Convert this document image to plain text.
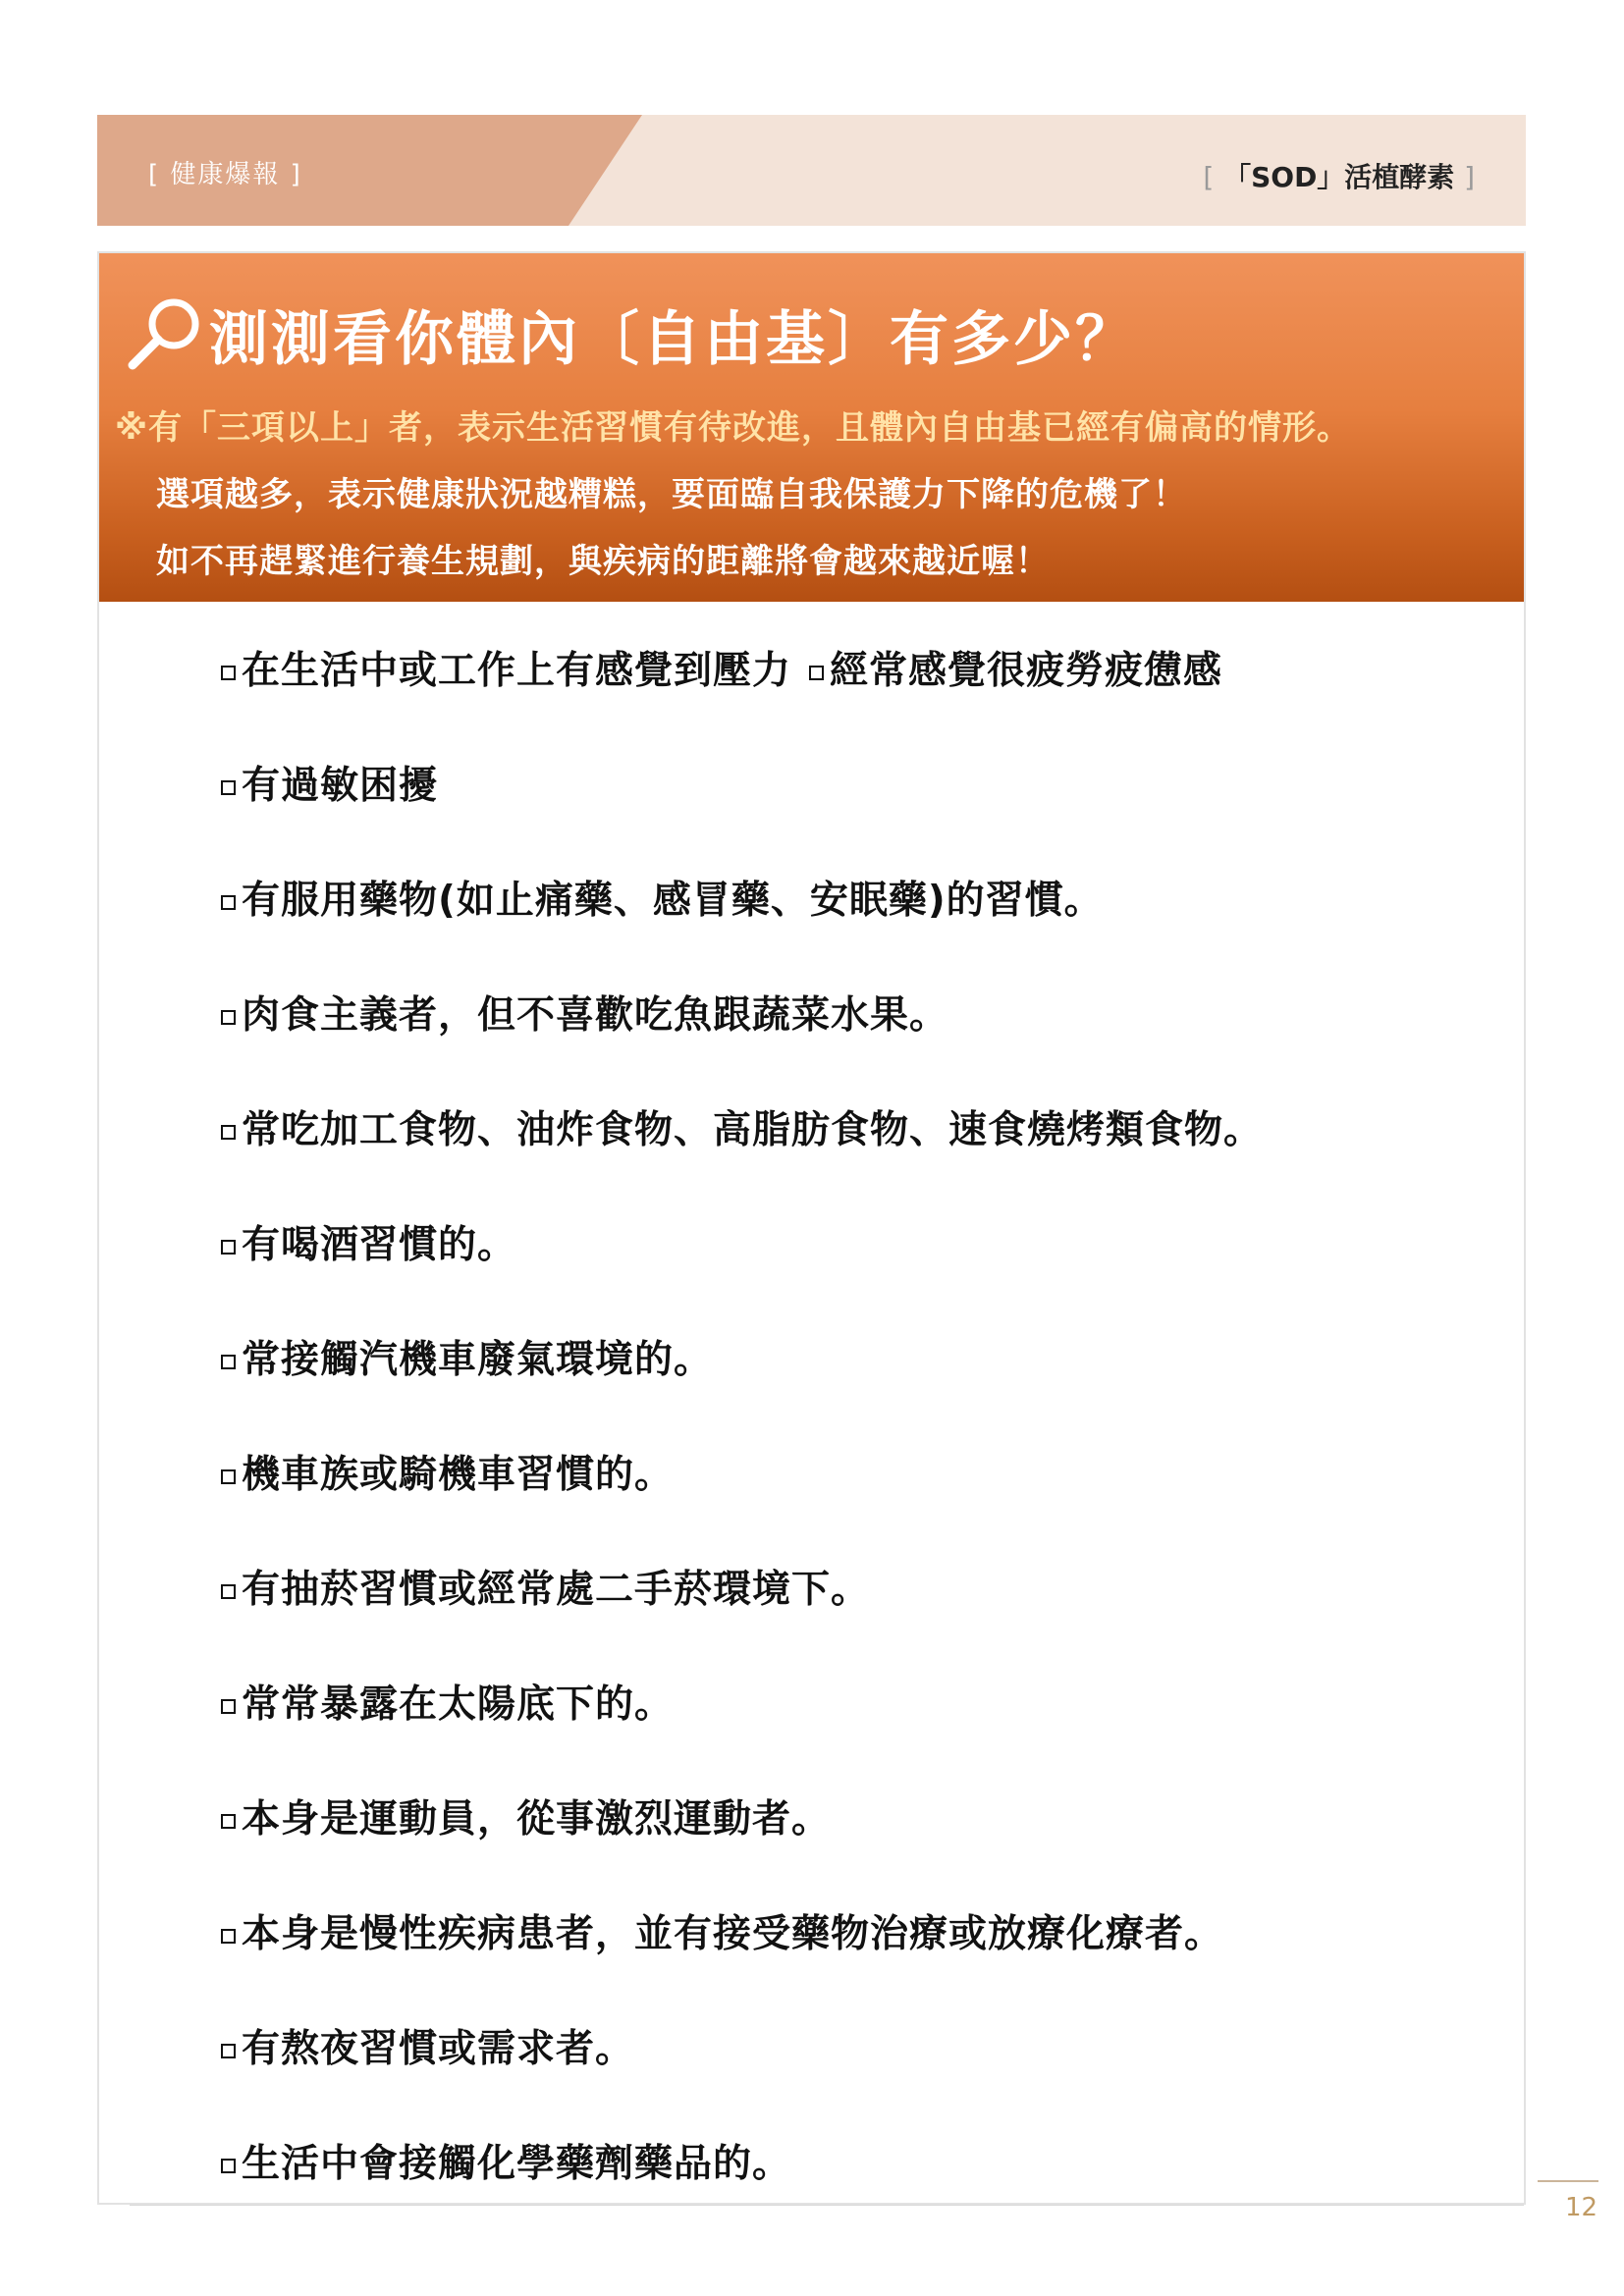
[ 健康爆報 ]	[ 「SOD」活植酵素 ]
測測看你體內〔自由基〕有多少？
※有「三項以上」者，表示生活習慣有待改進，且體內自由基已經有偏高的情形。
選項越多，表示健康狀況越糟糕，要面臨自我保護力下降的危機了！
如不再趕緊進行養生規劃，與疾病的距離將會越來越近喔！
在生活中或工作上有感覺到壓力 經常感覺很疲勞疲憊感
有過敏困擾
有服用藥物(如止痛藥、感冒藥、安眠藥)的習慣。
肉食主義者，但不喜歡吃魚跟蔬菜水果。
常吃加工食物、油炸食物、高脂肪食物、速食燒烤類食物。
有喝酒習慣的。
常接觸汽機車廢氣環境的。
機車族或騎機車習慣的。
有抽菸習慣或經常處二手菸環境下。
常常暴露在太陽底下的。
本身是運動員，從事激烈運動者。
本身是慢性疾病患者，並有接受藥物治療或放療化療者。
有熬夜習慣或需求者。
生活中會接觸化學藥劑藥品的。
12
